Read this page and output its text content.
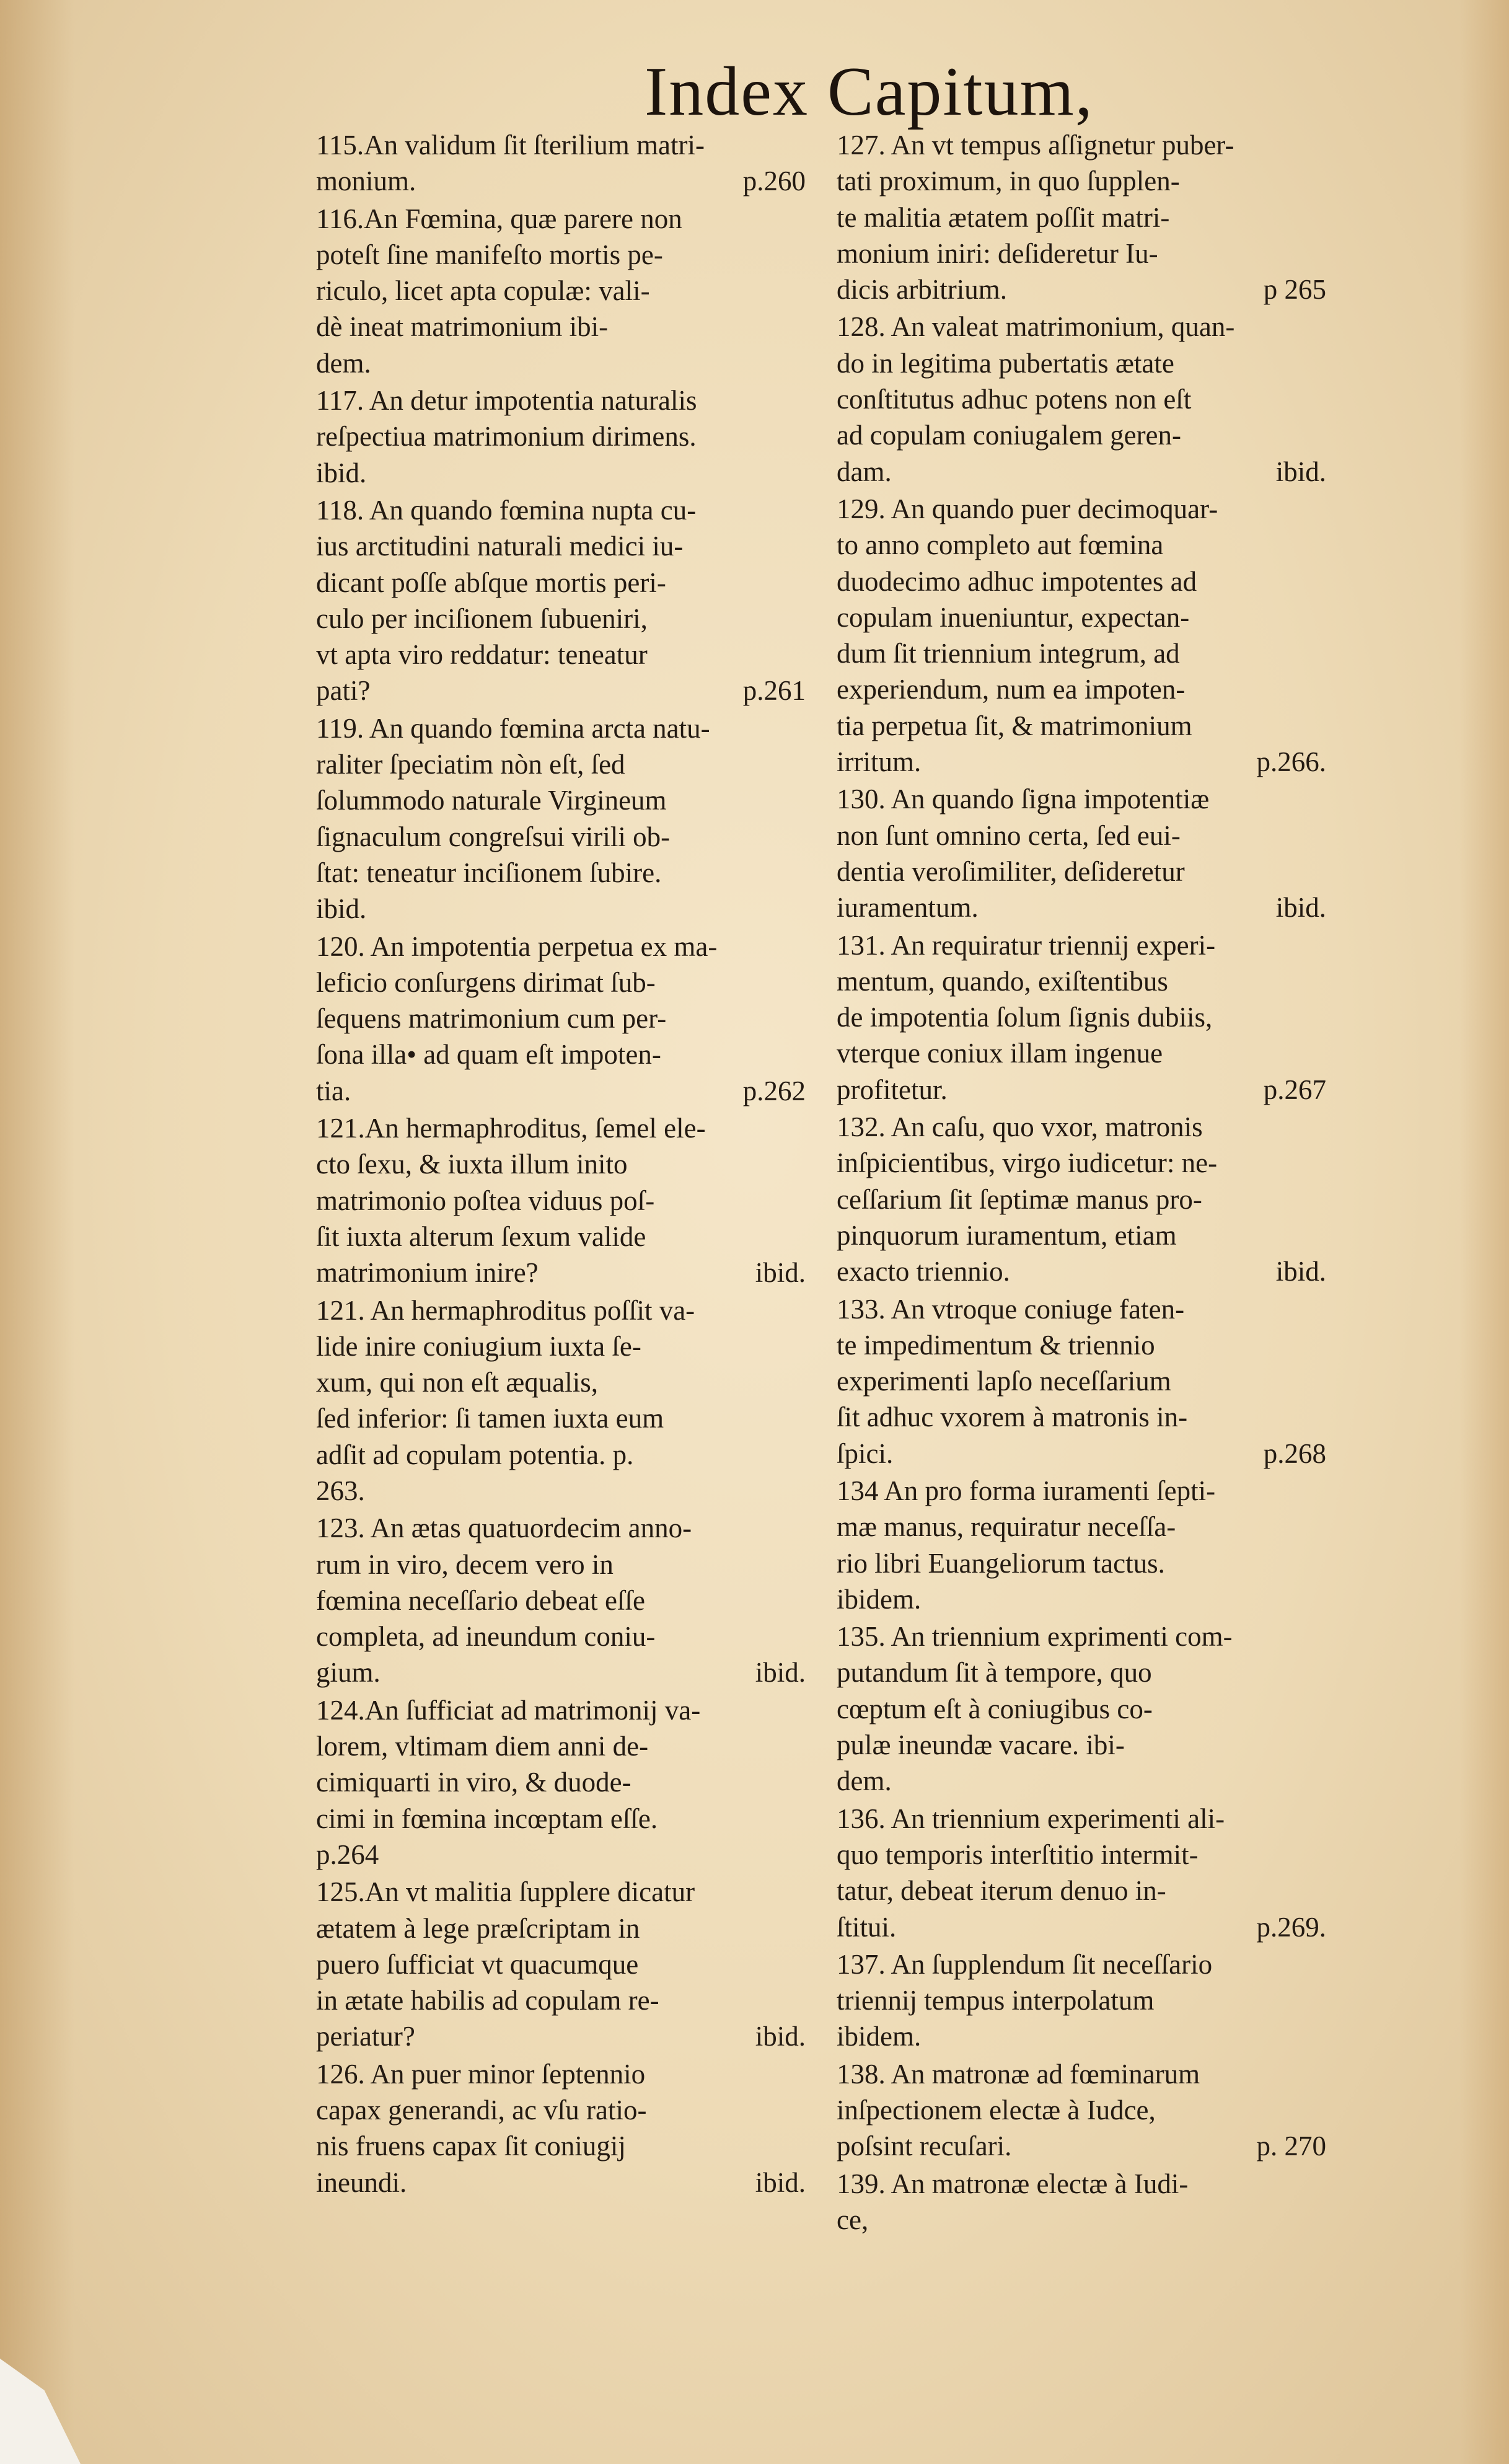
Index Capitum,
115.An validum ſit ſterilium matri-
monium.	p.260
116.An Fœmina, quæ parere non
poteſt ſine manifeſto mortis pe-
riculo, licet apta copulæ: vali-
dè ineat matrimonium ibi-
dem.
117. An detur impotentia naturalis
reſpectiua matrimonium dirimens.
ibid.
118. An quando fœmina nupta cu-
ius arctitudini naturali medici iu-
dicant poſſe abſque mortis peri-
culo per inciſionem ſubueniri,
vt apta viro reddatur: teneatur
pati?	p.261
119. An quando fœmina arcta natu-
raliter ſpeciatim nòn eſt, ſed
ſolummodo naturale Virgineum
ſignaculum congreſsui virili ob-
ſtat: teneatur inciſionem ſubire.
ibid.
120. An impotentia perpetua ex ma-
leficio conſurgens dirimat ſub-
ſequens matrimonium cum per-
ſona illa• ad quam eſt impoten-
tia.	p.262
121.An hermaphroditus, ſemel ele-
cto ſexu, & iuxta illum inito
matrimonio poſtea viduus poſ-
ſit iuxta alterum ſexum valide
matrimonium inire?	ibid.
121. An hermaphroditus poſſit va-
lide inire coniugium iuxta ſe-
xum, qui non eſt æqualis,
ſed inferior: ſi tamen iuxta eum
adſit ad copulam potentia. p.
263.
123. An ætas quatuordecim anno-
rum in viro, decem vero in
fœmina neceſſario debeat eſſe
completa, ad ineundum coniu-
gium.	ibid.
124.An ſufficiat ad matrimonij va-
lorem, vltimam diem anni de-
cimiquarti in viro, & duode-
cimi in fœmina incœptam eſſe.
p.264
125.An vt malitia ſupplere dicatur
ætatem à lege præſcriptam in
puero ſufficiat vt quacumque
in ætate habilis ad copulam re-
periatur?	ibid.
126. An puer minor ſeptennio
capax generandi, ac vſu ratio-
nis fruens capax ſit coniugij
ineundi.	ibid.
127. An vt tempus aſſignetur puber-
tati proximum, in quo ſupplen-
te malitia ætatem poſſit matri-
monium iniri: deſideretur Iu-
dicis arbitrium.	p 265
128. An valeat matrimonium, quan-
do in legitima pubertatis ætate
conſtitutus adhuc potens non eſt
ad copulam coniugalem geren-
dam.	ibid.
129. An quando puer decimoquar-
to anno completo aut fœmina
duodecimo adhuc impotentes ad
copulam inueniuntur, expectan-
dum ſit triennium integrum, ad
experiendum, num ea impoten-
tia perpetua ſit, & matrimonium
irritum.	p.266.
130. An quando ſigna impotentiæ
non ſunt omnino certa, ſed eui-
dentia veroſimiliter, deſideretur
iuramentum.	ibid.
131. An requiratur triennij experi-
mentum, quando, exiſtentibus
de impotentia ſolum ſignis dubiis,
vterque coniux illam ingenue
profitetur.	p.267
132. An caſu, quo vxor, matronis
inſpicientibus, virgo iudicetur: ne-
ceſſarium ſit ſeptimæ manus pro-
pinquorum iuramentum, etiam
exacto triennio.	ibid.
133. An vtroque coniuge faten-
te impedimentum & triennio
experimenti lapſo neceſſarium
ſit adhuc vxorem à matronis in-
ſpici.	p.268
134 An pro forma iuramenti ſepti-
mæ manus, requiratur neceſſa-
rio libri Euangeliorum tactus.
ibidem.
135. An triennium exprimenti com-
putandum ſit à tempore, quo
cœptum eſt à coniugibus co-
pulæ ineundæ vacare. ibi-
dem.
136. An triennium experimenti ali-
quo temporis interſtitio intermit-
tatur, debeat iterum denuo in-
ſtitui.	p.269.
137. An ſupplendum ſit neceſſario
triennij tempus interpolatum
ibidem.
138. An matronæ ad fœminarum
inſpectionem electæ à Iudce,
poſsint recuſari.	p. 270
139. An matronæ electæ à Iudi-
ce,
